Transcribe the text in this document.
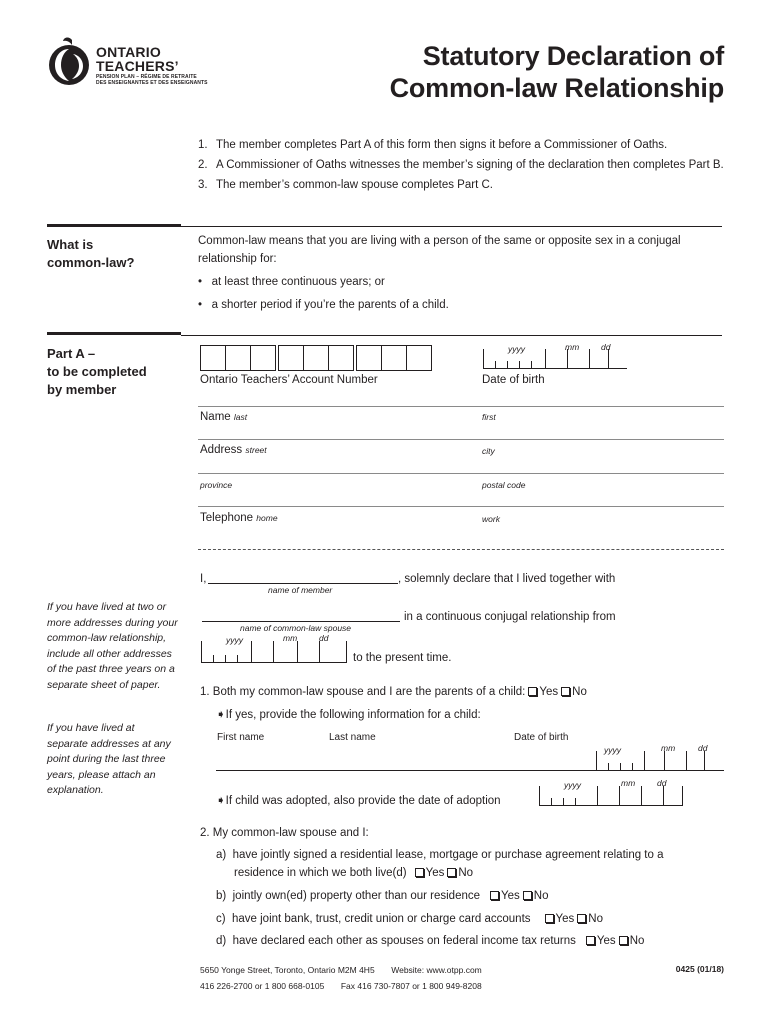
ONTARIO
TEACHERS’
PENSION PLAN – RÉGIME DE RETRAITE
DES ENSEIGNANTES ET DES ENSEIGNANTS
Statutory Declaration of
Common-law Relationship
1. The member completes Part A of this form then signs it before a Commissioner of Oaths.
2. A Commissioner of Oaths witnesses the member’s signing of the declaration then completes Part B.
3. The member’s common-law spouse completes Part C.
What is
common-law?
Common-law means that you are living with a person of the same or opposite sex in a conjugal relationship for:
•   at least three continuous years; or
•   a shorter period if you’re the parents of a child.
Part A –
to be completed
by member
Ontario Teachers’ Account Number
yyyy	mm	dd
Date of birth
Name last	first
Address street	city
province	postal code
Telephone home	work
I,
name of member
, solemnly declare that I lived together with
name of common-law spouse
in a continuous conjugal relationship from
yyyy	mm	dd
to the present time.
If you have lived at two or more addresses during your common-law relationship, include all other addresses of the past three years on a separate sheet of paper.
If you have lived at separate addresses at any point during the last three years, please attach an explanation.
1. Both my common-law spouse and I are the parents of a child: Yes No
➧If yes, provide the following information for a child:
First name	Last name	Date of birth
yyyy	mm	dd
➧If child was adopted, also provide the date of adoption
yyyy	mm	dd
2. My common-law spouse and I:
a) have jointly signed a residential lease, mortgage or purchase agreement relating to a
residence in which we both live(d) Yes No
b) jointly own(ed) property other than our residence Yes No
c) have joint bank, trust, credit union or charge card accounts Yes No
d) have declared each other as spouses on federal income tax returns Yes No
5650 Yonge Street, Toronto, Ontario M2M 4H5 Website: www.otpp.com
416 226-2700 or 1 800 668-0105 Fax 416 730-7807 or 1 800 949-8208
0425 (01/18)
